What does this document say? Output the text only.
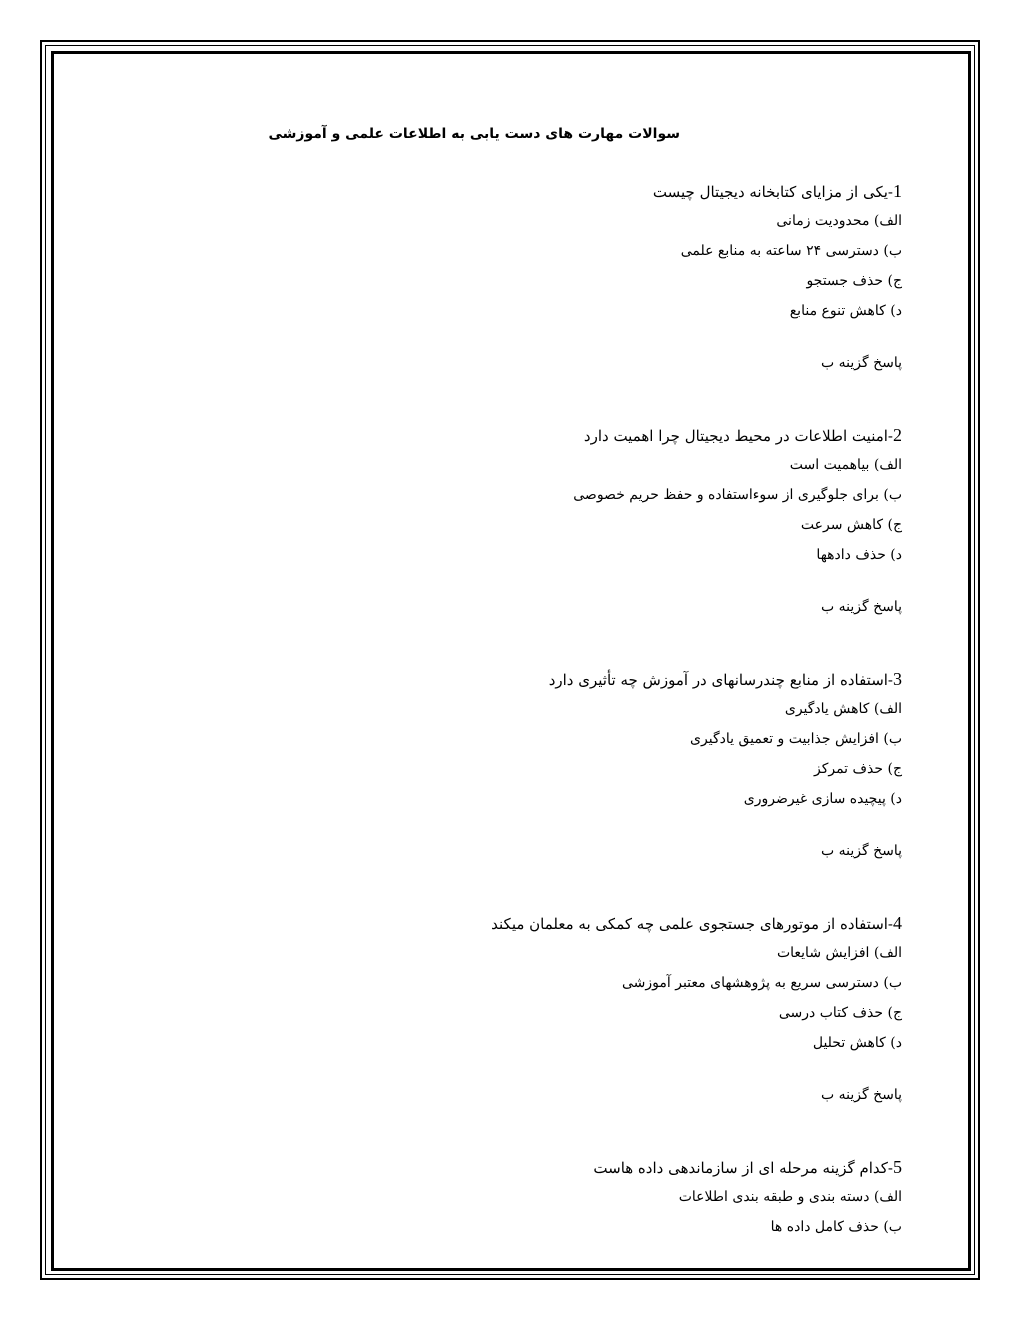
سوالات مهارت های دست یابی به اطلاعات علمی و آموزشی
1-یکی از مزایای کتابخانه دیجیتال چیست
الف) محدودیت زمانی
ب) دسترسی ۲۴ ساعته به منابع علمی
ج) حذف جستجو
د) کاهش تنوع منابع
پاسخ گزینه ب
2-امنیت اطلاعات در محیط دیجیتال چرا اهمیت دارد
الف) بیاهمیت است
ب) برای جلوگیری از سوءاستفاده و حفظ حریم خصوصی
ج) کاهش سرعت
د) حذف دادهها
پاسخ گزینه ب
3-استفاده از منابع چندرسانهای در آموزش چه تأثیری دارد
الف) کاهش یادگیری
ب) افزایش جذابیت و تعمیق یادگیری
ج) حذف تمرکز
د) پیچیده سازی غیرضروری
پاسخ گزینه ب
4-استفاده از موتورهای جستجوی علمی چه کمکی به معلمان میکند
الف) افزایش شایعات
ب) دسترسی سریع به پژوهشهای معتبر آموزشی
ج) حذف کتاب درسی
د) کاهش تحلیل
پاسخ گزینه ب
5-کدام گزینه مرحله ای از سازماندهی داده هاست
الف) دسته بندی و طبقه بندی اطلاعات
ب) حذف کامل داده ها
